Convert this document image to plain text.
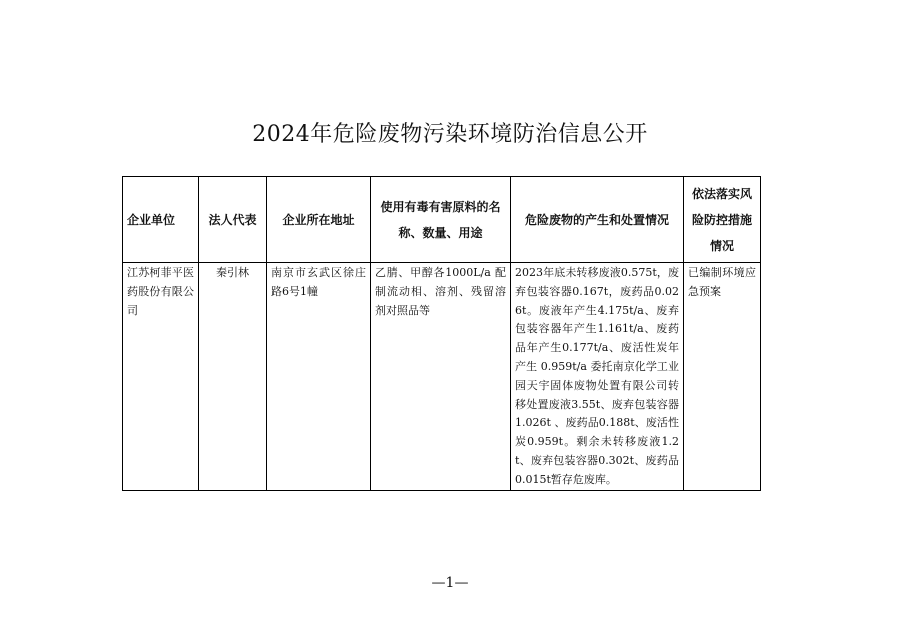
2024年危险废物污染环境防治信息公开
企业单位	法人代表	企业所在地址	使用有毒有害原料的名称、数量、用途	危险废物的产生和处置情况	依法落实风险防控措施情况
江苏柯菲平医药股份有限公司	秦引林	南京市玄武区徐庄路6号1幢	乙腈、甲醇各1000L/a 配制流动相、溶剂、残留溶剂对照品等	2023年底未转移废液0.575t，废弃包装容器0.167t，废药品0.026t。废液年产生4.175t/a、废弃包装容器年产生1.161t/a、废药品年产生0.177t/a、废活性炭年产生 0.959t/a 委托南京化学工业园天宇固体废物处置有限公司转移处置废液3.55t、废弃包装容器 1.026t 、废药品0.188t、废活性炭0.959t。剩余未转移废液1.2t、废弃包装容器0.302t、废药品0.015t暂存危废库。	已编制环境应急预案
—1—
